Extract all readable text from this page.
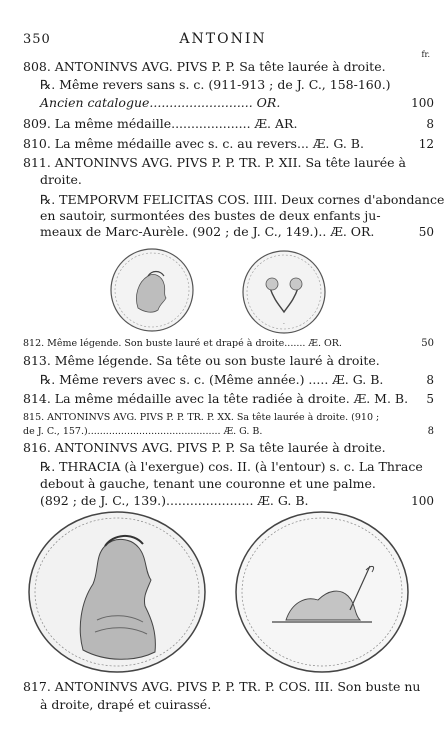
350	ANTONIN
fr.
808. ANTONINVS AVG. PIVS P. P. Sa tête laurée à droite.
℞. Même revers sans s. c. (911-913 ; de J. C., 158-160.)
Ancien catalogue.......................... OR.	100
809. La même médaille.................... Æ. AR.	8
810. La même médaille avec s. c. au revers... Æ. G. B.	12
811. ANTONINVS AVG. PIVS P. P. TR. P. XII. Sa tête laurée à
droite.
℞. TEMPORVM FELICITAS COS. IIII. Deux cornes d'abondance
en sautoir, surmontées des bustes de deux enfants ju-
meaux de Marc-Aurèle. (902 ; de J. C., 149.).. Æ. OR.	50
·
812. Même légende. Son buste lauré et drapé à droite....... Æ. OR.	50
813. Même légende. Sa tête ou son buste lauré à droite.
℞. Même revers avec s. c. (Même année.) ..... Æ. G. B.	8
814. La même médaille avec la tête radiée à droite. Æ. M. B. 5
815. ANTONINVS AVG. PIVS P. P. TR. P. XX. Sa tête laurée à droite. (910 ;
de J. C., 157.)............................................ Æ. G. B.	8
816. ANTONINVS AVG. PIVS P. P. Sa tête laurée à droite.
℞. THRACIA (à l'exergue) cos. II. (à l'entour) s. c. La Thrace
debout à gauche, tenant une couronne et une palme.
(892 ; de J. C., 139.)...................... Æ. G. B.	100
817. ANTONINVS AVG. PIVS P. P. TR. P. COS. III. Son buste nu
à droite, drapé et cuirassé.
